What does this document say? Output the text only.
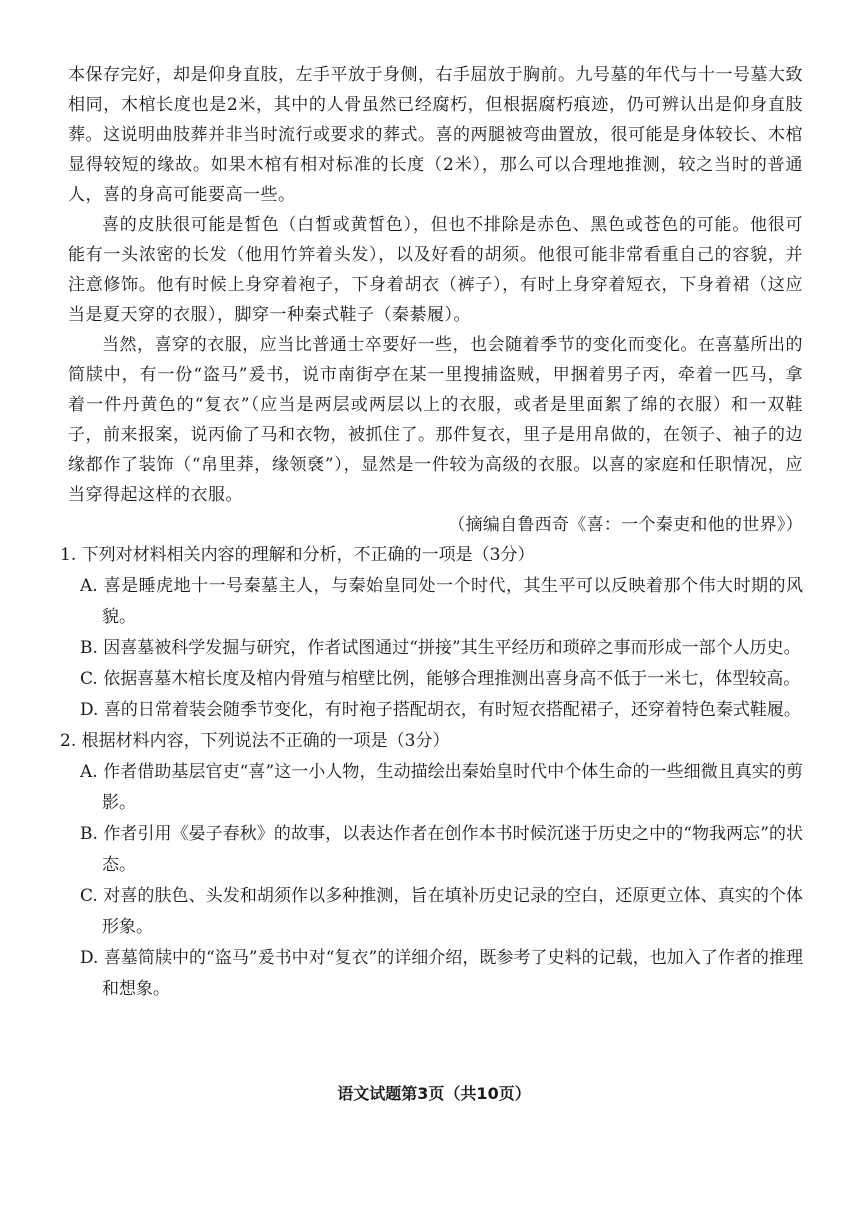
本保存完好，却是仰身直肢，左手平放于身侧，右手屈放于胸前。九号墓的年代与十一号墓大致相同，木棺长度也是2米，其中的人骨虽然已经腐朽，但根据腐朽痕迹，仍可辨认出是仰身直肢葬。这说明曲肢葬并非当时流行或要求的葬式。喜的两腿被弯曲置放，很可能是身体较长、木棺显得较短的缘故。如果木棺有相对标准的长度（2米），那么可以合理地推测，较之当时的普通人，喜的身高可能要高一些。

喜的皮肤很可能是皙色（白皙或黄皙色），但也不排除是赤色、黑色或苍色的可能。他很可能有一头浓密的长发（他用竹笄着头发），以及好看的胡须。他很可能非常看重自己的容貌，并注意修饰。他有时候上身穿着袍子，下身着胡衣（裤子），有时上身穿着短衣，下身着裙（这应当是夏天穿的衣服），脚穿一种秦式鞋子（秦綦履）。

当然，喜穿的衣服，应当比普通士卒要好一些，也会随着季节的变化而变化。在喜墓所出的简牍中，有一份“盗马”爰书，说市南街亭在某一里搜捕盗贼，甲捆着男子丙，牵着一匹马，拿着一件丹黄色的“复衣”（应当是两层或两层以上的衣服，或者是里面絮了绵的衣服）和一双鞋子，前来报案，说丙偷了马和衣物，被抓住了。那件复衣，里子是用帛做的，在领子、袖子的边缘都作了装饰（“帛里莽，缘领褎”），显然是一件较为高级的衣服。以喜的家庭和任职情况，应当穿得起这样的衣服。

（摘编自鲁西奇《喜：一个秦吏和他的世界》）

1. 下列对材料相关内容的理解和分析，不正确的一项是（3分）

A. 喜是睡虎地十一号秦墓主人，与秦始皇同处一个时代，其生平可以反映着那个伟大时期的风貌。

B. 因喜墓被科学发掘与研究，作者试图通过“拼接”其生平经历和琐碎之事而形成一部个人历史。

C. 依据喜墓木棺长度及棺内骨殖与棺壁比例，能够合理推测出喜身高不低于一米七，体型较高。

D. 喜的日常着装会随季节变化，有时袍子搭配胡衣，有时短衣搭配裙子，还穿着特色秦式鞋履。

2. 根据材料内容，下列说法不正确的一项是（3分）

A. 作者借助基层官吏“喜”这一小人物，生动描绘出秦始皇时代中个体生命的一些细微且真实的剪影。

B. 作者引用《晏子春秋》的故事，以表达作者在创作本书时候沉迷于历史之中的“物我两忘”的状态。

C. 对喜的肤色、头发和胡须作以多种推测，旨在填补历史记录的空白，还原更立体、真实的个体形象。

D. 喜墓简牍中的“盗马”爰书中对“复衣”的详细介绍，既参考了史料的记载，也加入了作者的推理和想象。

语文试题第3页（共10页）
